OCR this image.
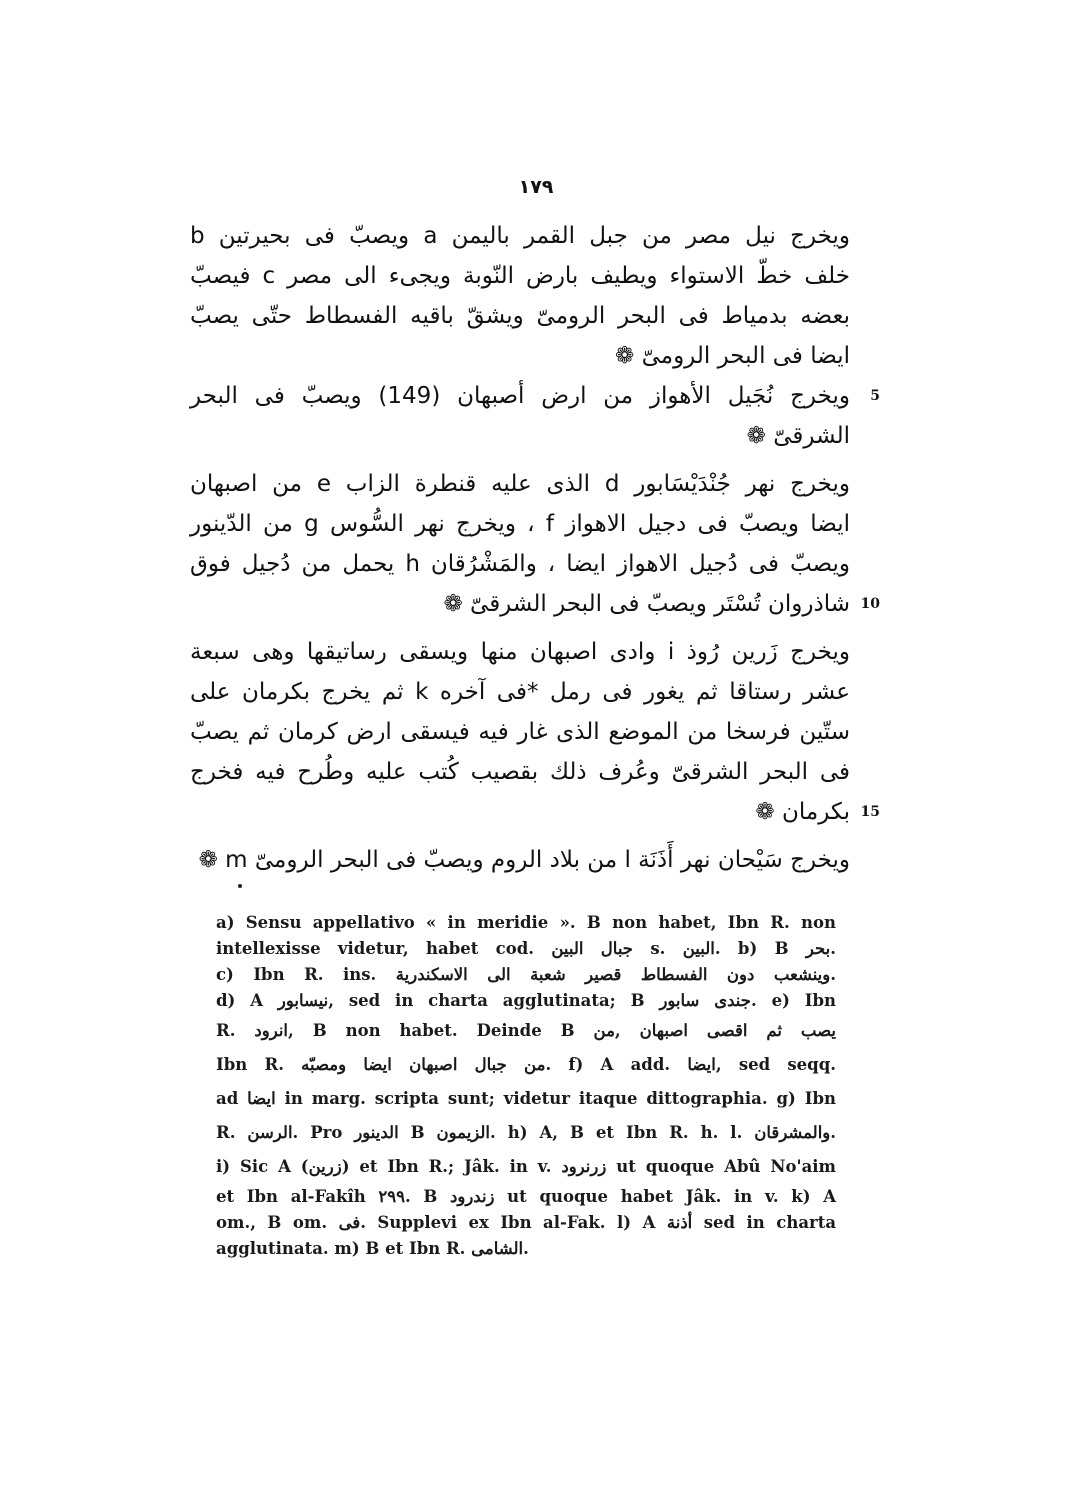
١٧٩
ويخرج نيل مصر من جبل القمر باليمن a ويصبّ فى بحيرتين b
خلف خطّ الاستواء ويطيف بارض النّوبة ويجىء الى مصر c فيصبّ
بعضه بدمياط فى البحر الرومىّ ويشقّ باقيه الفسطاط حتّى يصبّ
ايضا فى البحر الرومىّ ❁
ويخرج نُجَيل الأهواز من ارض أصبهان (149) ويصبّ فى البحر 5
الشرقىّ ❁
ويخرج نهر جُنْدَيْسَابور d الذى عليه قنطرة الزاب e من اصبهان
ايضا ويصبّ فى دجيل الاهواز f ، ويخرج نهر السُّوس g من الدّينور
ويصبّ فى دُجيل الاهواز ايضا ، والمَشْرُقان h يحمل من دُجيل فوق
شاذروان تُسْتَر ويصبّ فى البحر الشرقىّ ❁ 10
ويخرج زَرين رُوذ i وادى اصبهان منها ويسقى رساتيقها وهى سبعة
عشر رستاقا ثم يغور فى رمل *فى آخره k ثم يخرج بكرمان على
ستّين فرسخا من الموضع الذى غار فيه فيسقى ارض كرمان ثم يصبّ
فى البحر الشرقىّ وعُرف ذلك بقصيب كُتب عليه وطُرح فيه فخرج
بكرمان ❁ 15
ويخرج سَيْحان نهر أَذَنَة l من بلاد الروم ويصبّ فى البحر الرومىّ m ❁
a) Sensu appellativo « in meridie ». B non habet, Ibn R. non
intellexisse videtur, habet cod. جبال البين s. البين. b) B بحر.
c) Ibn R. ins. وينشعب دون الفسطاط قصير شعبة الى الاسكندرية.
d) A نيسابور, sed in charta agglutinata; B جندى سابور. e) Ibn
R. انرود, B non habet. Deinde B يصب ثم اقصى اصبهان ,من
Ibn R. من جبال اصبهان ايضا ومصبّه. f) A add. ايضا, sed seqq.
ad ايضا in marg. scripta sunt; videtur itaque dittographia. g) Ibn
R. الرسن. Pro الدينور B الزيمون. h) A, B et Ibn R. h. l. والمشرقان.
i) Sic A (زرين) et Ibn R.; Jâk. in v. زرنرود ut quoque Abû No'aim
et Ibn al-Fakîh ٢٩٩. B زندرود ut quoque habet Jâk. in v. k) A
om., B om. فى. Supplevi ex Ibn al-Fak. l) A أذنة sed in charta
agglutinata. m) B et Ibn R. الشامى.
